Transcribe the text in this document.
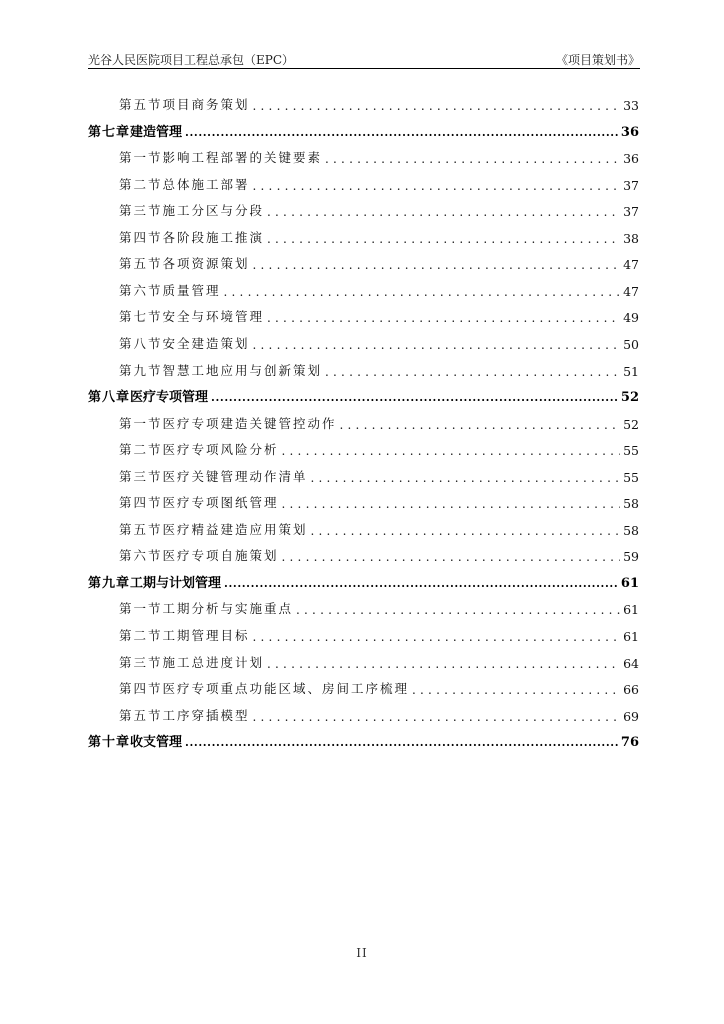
光谷人民医院项目工程总承包（EPC）	《项目策划书》
第五节 项目商务策划 .....	33
第七章 建造管理 .....	36
第一节 影响工程部署的关键要素 .....	36
第二节 总体施工部署 .....	37
第三节 施工分区与分段 .....	37
第四节 各阶段施工推演 .....	38
第五节 各项资源策划 .....	47
第六节 质量管理 .....	47
第七节 安全与环境管理 .....	49
第八节 安全建造策划 .....	50
第九节 智慧工地应用与创新策划 .....	51
第八章 医疗专项管理 .....	52
第一节 医疗专项建造关键管控动作 .....	52
第二节 医疗专项风险分析 .....	55
第三节 医疗关键管理动作清单 .....	55
第四节 医疗专项图纸管理 .....	58
第五节 医疗精益建造应用策划 .....	58
第六节 医疗专项自施策划 .....	59
第九章 工期与计划管理 .....	61
第一节 工期分析与实施重点 .....	61
第二节 工期管理目标 .....	61
第三节 施工总进度计划 .....	64
第四节 医疗专项重点功能区域、房间工序梳理 .....	66
第五节 工序穿插模型 .....	69
第十章 收支管理 .....	76
II
